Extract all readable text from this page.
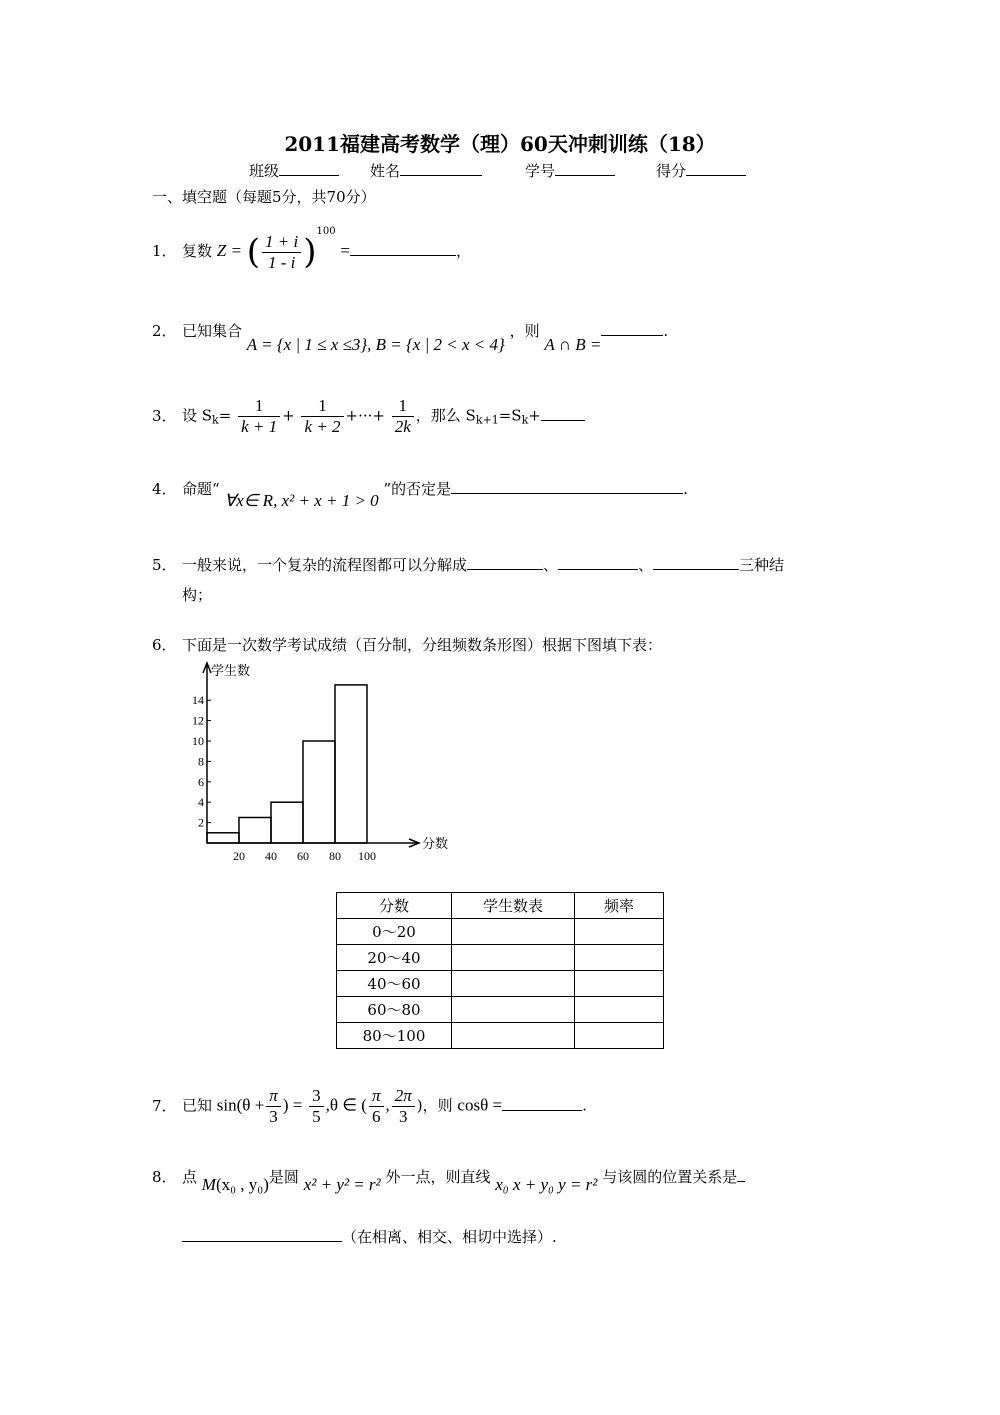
2011福建高考数学（理）60天冲刺训练（18）
班级	姓名	学号	得分
一、填空题（每题5分，共70分）
1． 复数 Z = ( $\frac{1 + i}{1 - i} )^{100}$ =	，
2． 已知集合 A = {x | 1 ≤ x ≤3}, B = {x | 2 < x < 4} ，则 A ∩ B =.
3． 设 $S_k= \frac{1}{k + 1} + \frac{1}{k + 2}$ +···+ $\frac{1}{2k}$ ，那么 $S_{k+1}=S_k+$
4． 命题“ ∀x∈ R, x² + x + 1 > 0 ”的否定是	.
5． 一般来说，一个复杂的流程图都可以分解成	、	、	三种结
构；
6． 下面是一次数学考试成绩（百分制，分组频数条形图）根据下图填下表：
学生数
分数
2
4
6
8
10
12
14
20 40 60 80 100
分数	学生数表	频率
0～20		
20～40		
40～60		
60～80		
80～100		
7． 已知 $\sin(\theta + \frac{\pi}{3}$ ) = $\frac{3}{5} ,\theta$ ∈ ( $\frac{\pi}{6}$ , $\frac{2\pi}{3}$ )，则 cosθ =	.
8． 点 M(x₀ , y₀)是圆 x² + y² = r² 外一点，则直线 x₀ x + y₀ y = r² 与该圆的位置关系是
（在相离、相交、相切中选择）.
